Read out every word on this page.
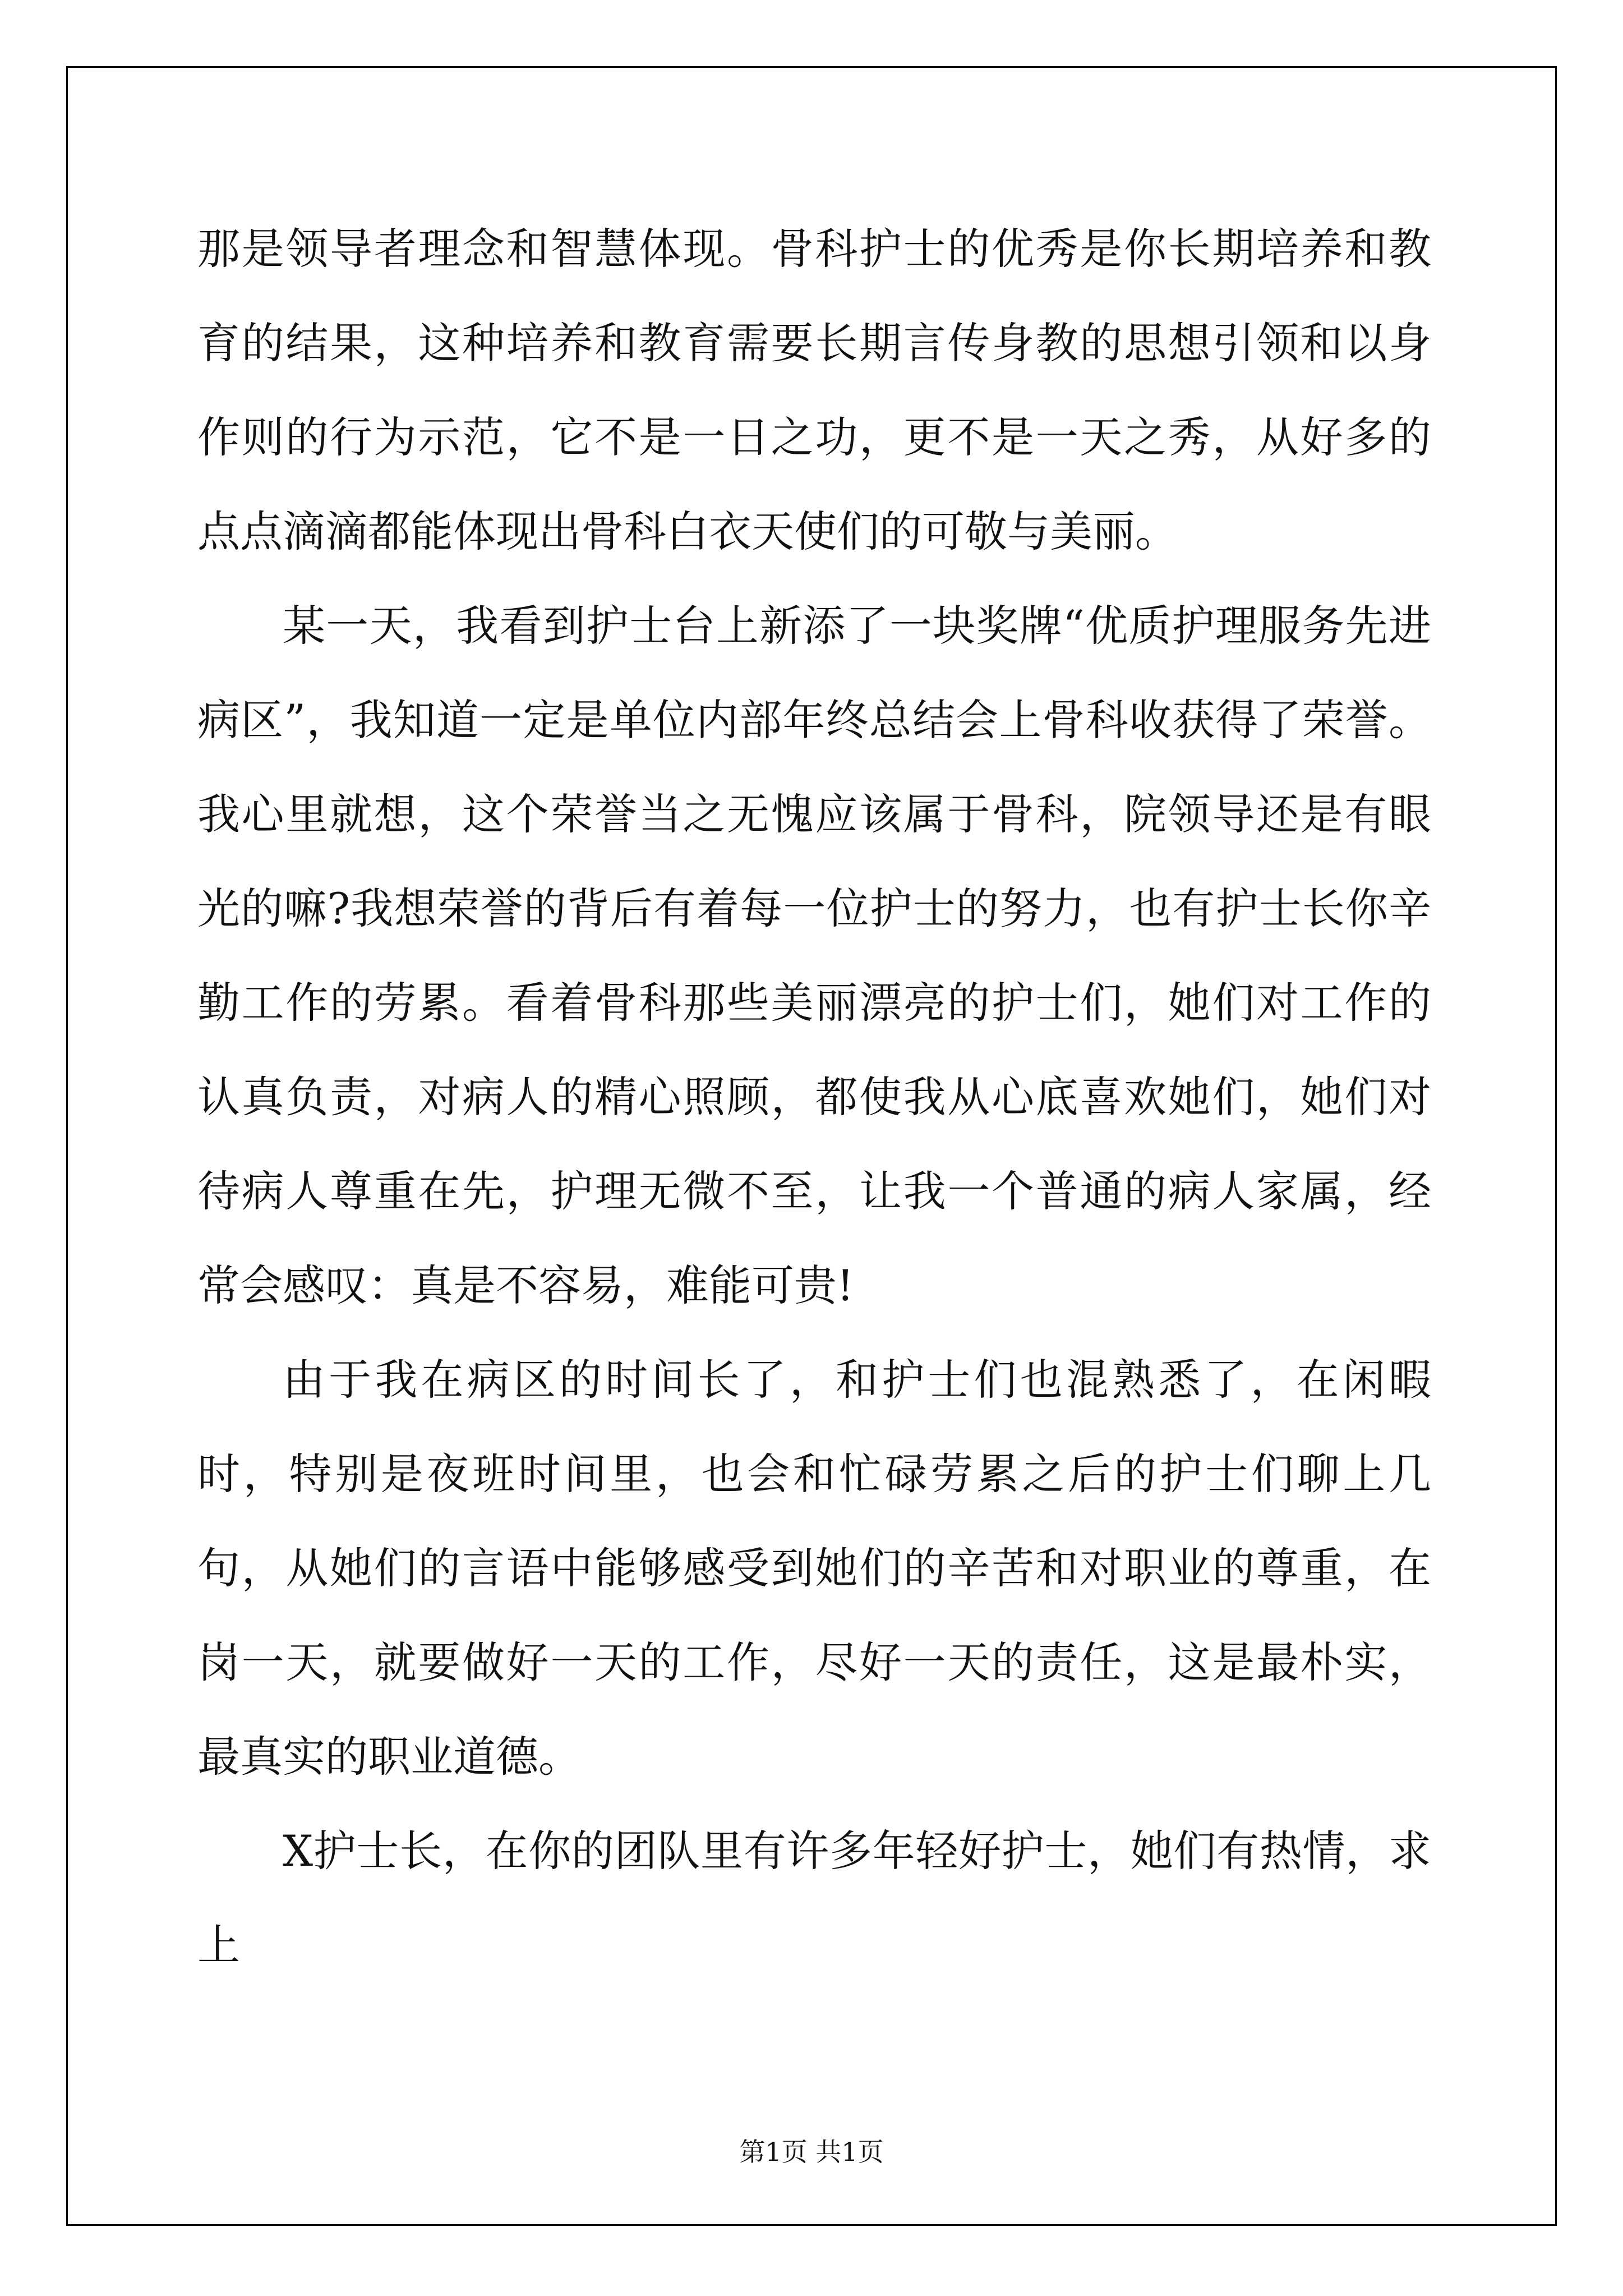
那是领导者理念和智慧体现。骨科护士的优秀是你长期培养和教育的结果，这种培养和教育需要长期言传身教的思想引领和以身作则的行为示范，它不是一日之功，更不是一天之秀，从好多的点点滴滴都能体现出骨科白衣天使们的可敬与美丽。

某一天，我看到护士台上新添了一块奖牌“优质护理服务先进病区”，我知道一定是单位内部年终总结会上骨科收获得了荣誉。我心里就想，这个荣誉当之无愧应该属于骨科，院领导还是有眼光的嘛?我想荣誉的背后有着每一位护士的努力，也有护士长你辛勤工作的劳累。看着骨科那些美丽漂亮的护士们，她们对工作的认真负责，对病人的精心照顾，都使我从心底喜欢她们，她们对待病人尊重在先，护理无微不至，让我一个普通的病人家属，经常会感叹：真是不容易，难能可贵!

由于我在病区的时间长了，和护士们也混熟悉了，在闲暇时，特别是夜班时间里，也会和忙碌劳累之后的护士们聊上几句，从她们的言语中能够感受到她们的辛苦和对职业的尊重，在岗一天，就要做好一天的工作，尽好一天的责任，这是最朴实，最真实的职业道德。

X护士长，在你的团队里有许多年轻好护士，她们有热情，求上

第1页 共1页
